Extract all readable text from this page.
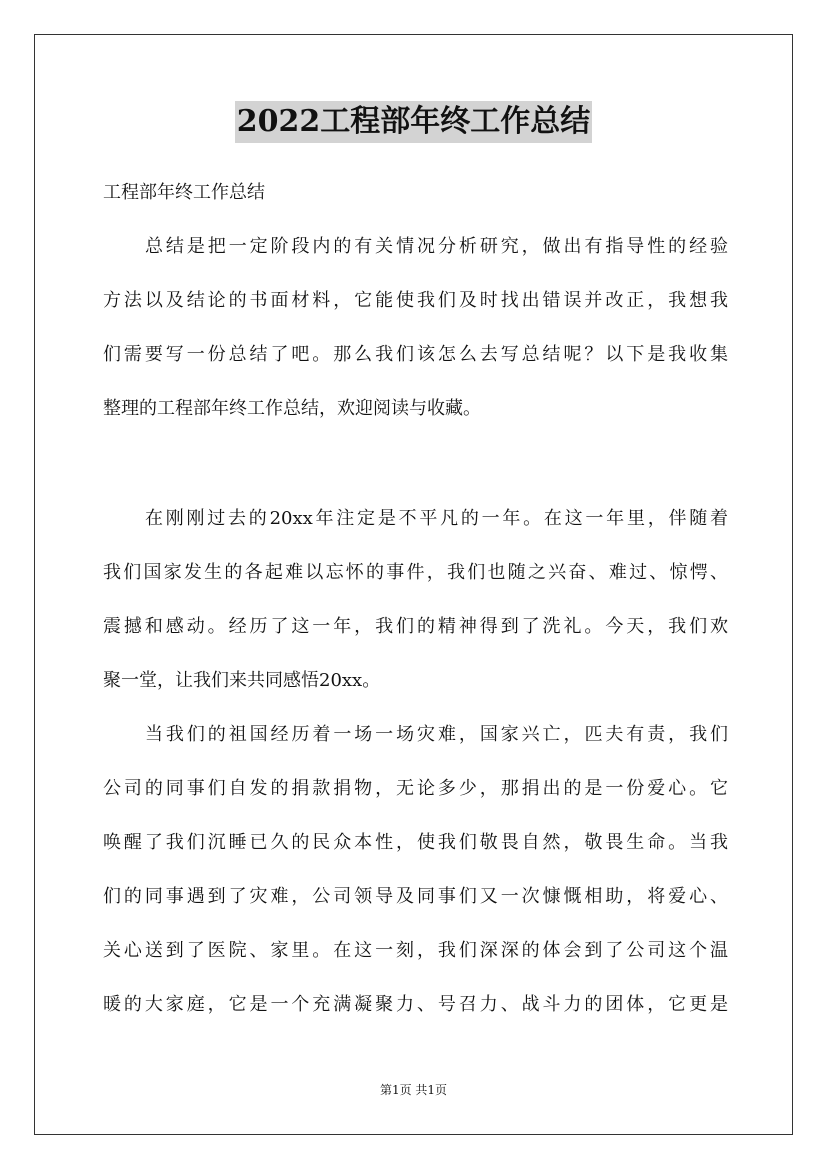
2022工程部年终工作总结
工程部年终工作总结
总结是把一定阶段内的有关情况分析研究，做出有指导性的经验
方法以及结论的书面材料，它能使我们及时找出错误并改正，我想我
们需要写一份总结了吧。那么我们该怎么去写总结呢？以下是我收集
整理的工程部年终工作总结，欢迎阅读与收藏。
在刚刚过去的20xx年注定是不平凡的一年。在这一年里，伴随着
我们国家发生的各起难以忘怀的事件，我们也随之兴奋、难过、惊愕、
震撼和感动。经历了这一年，我们的精神得到了洗礼。今天，我们欢
聚一堂，让我们来共同感悟20xx。
当我们的祖国经历着一场一场灾难，国家兴亡，匹夫有责，我们
公司的同事们自发的捐款捐物，无论多少，那捐出的是一份爱心。它
唤醒了我们沉睡已久的民众本性，使我们敬畏自然，敬畏生命。当我
们的同事遇到了灾难，公司领导及同事们又一次慷慨相助，将爱心、
关心送到了医院、家里。在这一刻，我们深深的体会到了公司这个温
暖的大家庭，它是一个充满凝聚力、号召力、战斗力的团体，它更是
第1页 共1页
